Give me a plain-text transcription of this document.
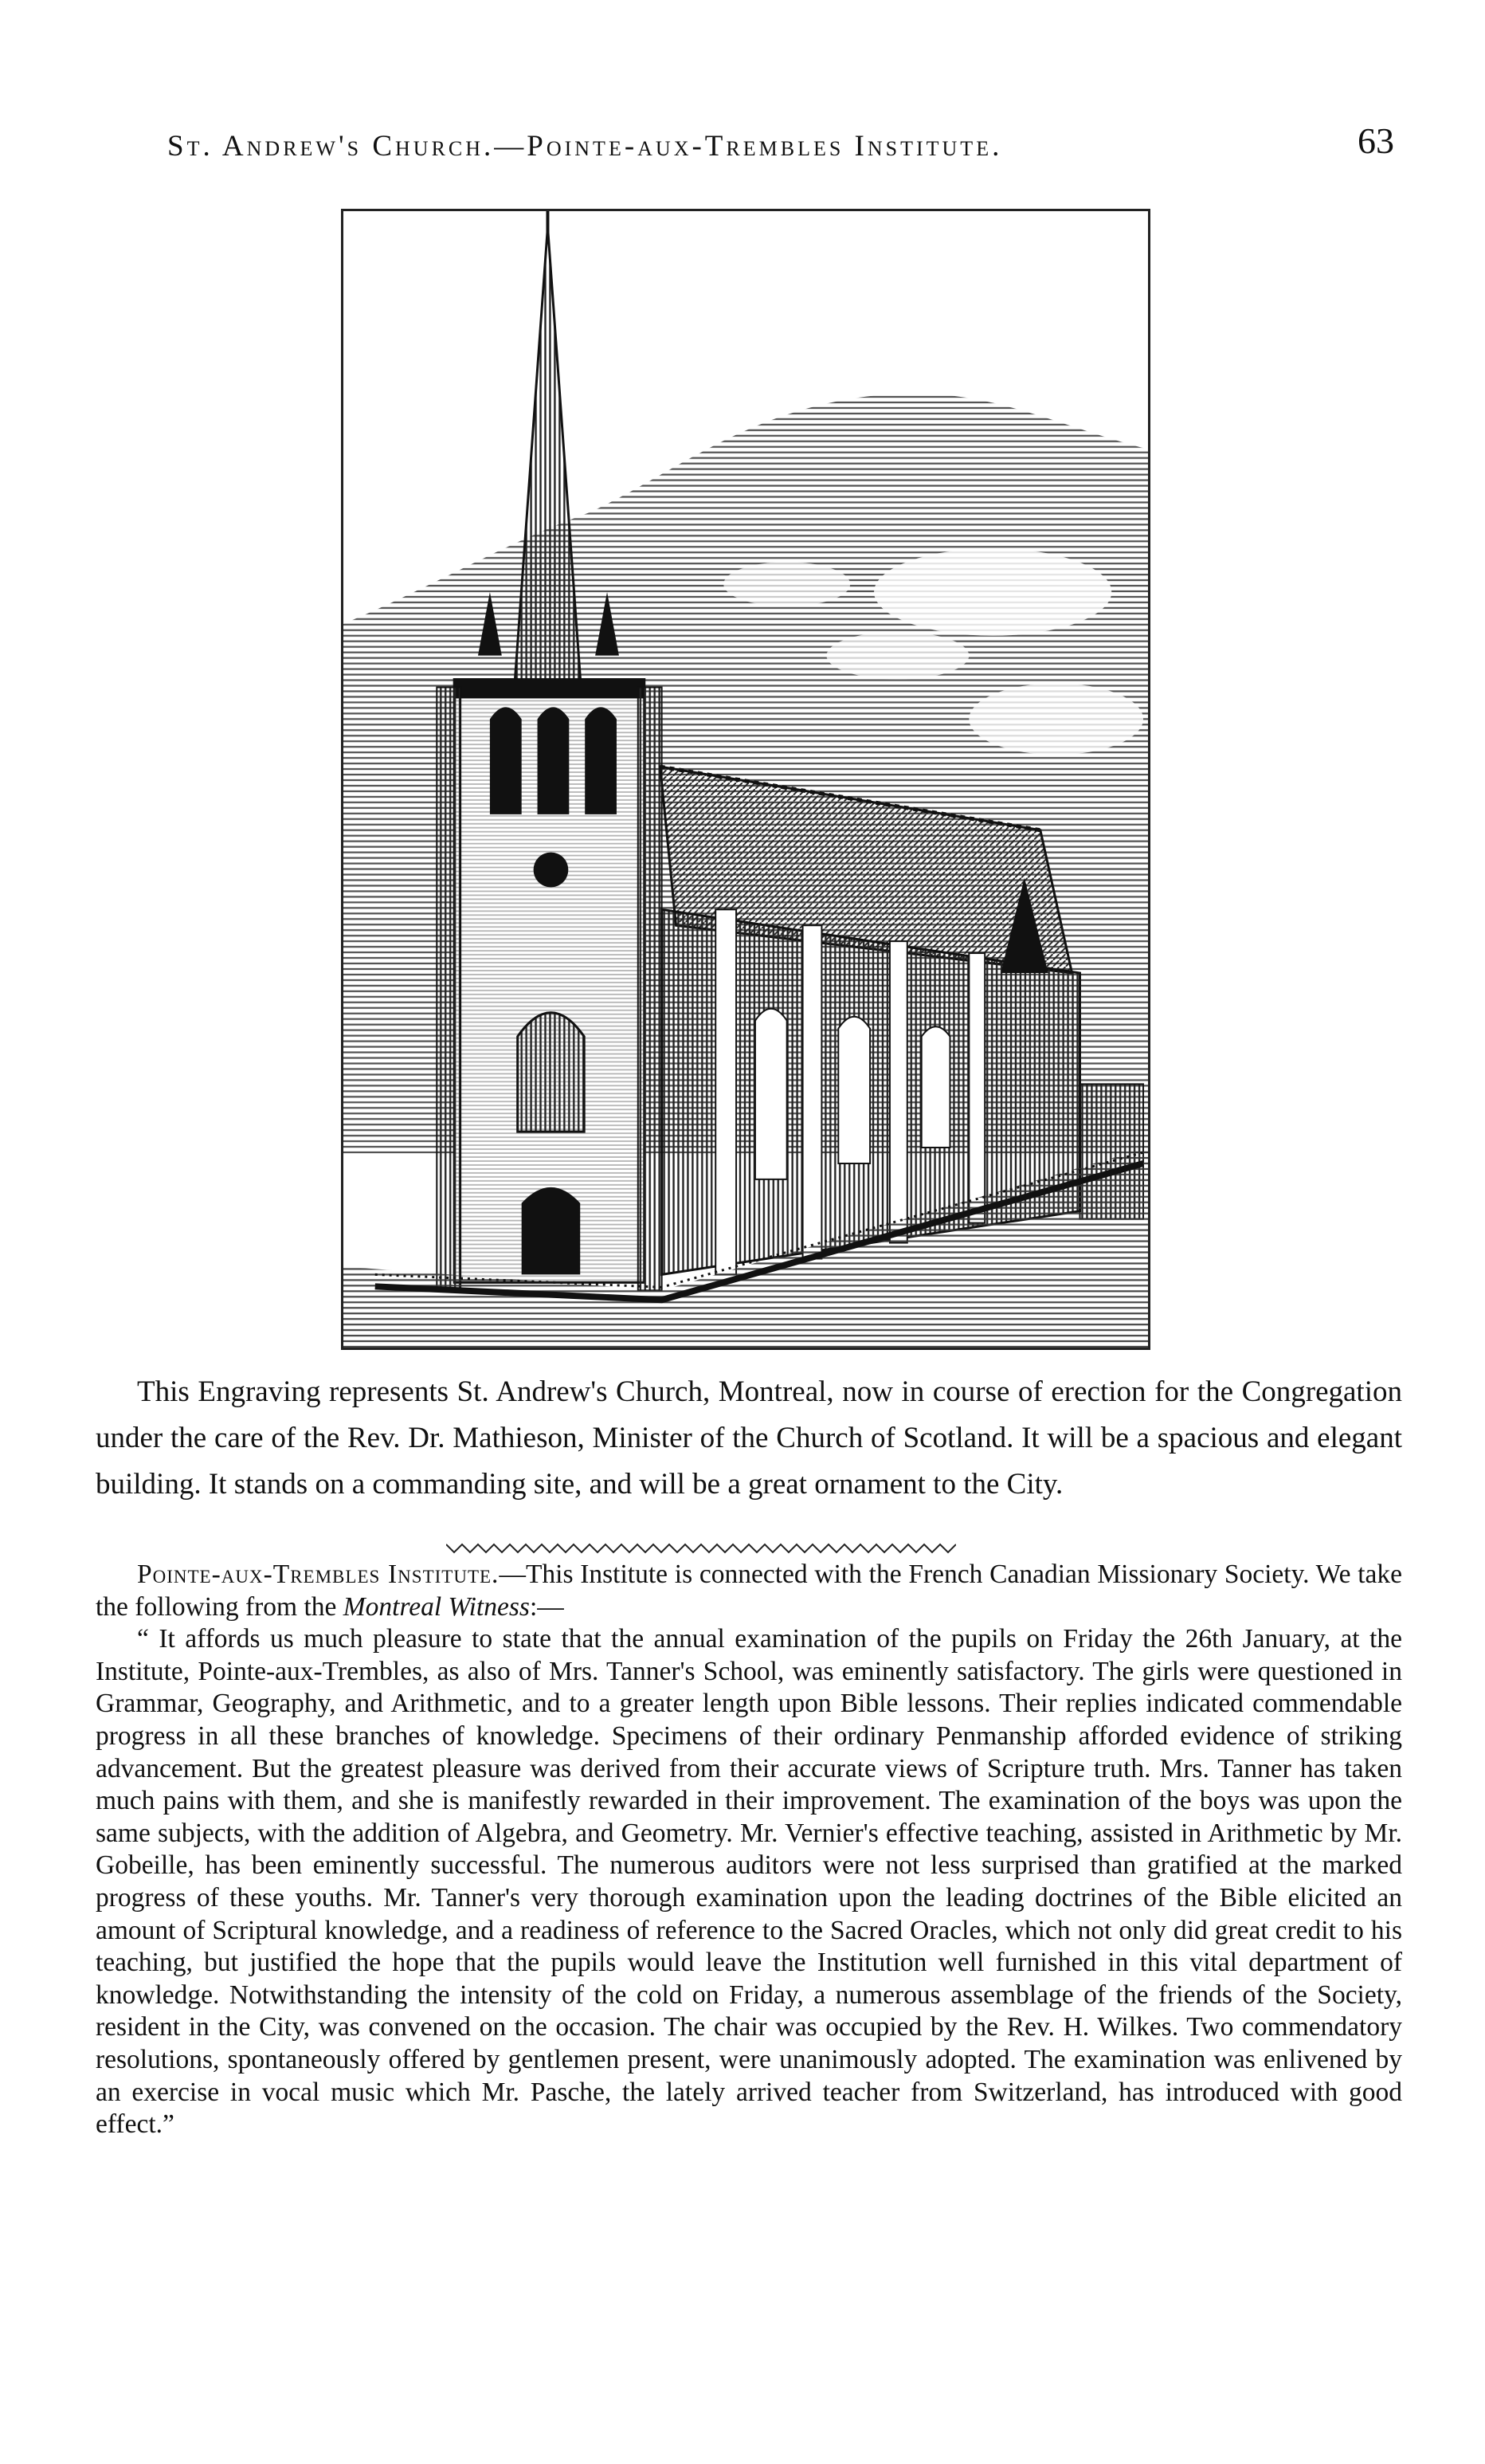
St. Andrew's Church.—Pointe-aux-Trembles Institute.	63

This Engraving represents St. Andrew's Church, Montreal, now in course of erection for the Congregation under the care of the Rev. Dr. Mathieson, Minister of the Church of Scotland. It will be a spacious and elegant building. It stands on a commanding site, and will be a great ornament to the City.

Pointe-aux-Trembles Institute.—This Institute is connected with the French Canadian Missionary Society. We take the following from the Montreal Witness:—

“ It affords us much pleasure to state that the annual examination of the pupils on Friday the 26th January, at the Institute, Pointe-aux-Trembles, as also of Mrs. Tanner's School, was eminently satisfactory. The girls were questioned in Grammar, Geography, and Arithmetic, and to a greater length upon Bible lessons. Their replies indicated commendable progress in all these branches of knowledge. Specimens of their ordinary Penmanship afforded evidence of striking advancement. But the greatest pleasure was derived from their accurate views of Scripture truth. Mrs. Tanner has taken much pains with them, and she is manifestly rewarded in their improvement. The examination of the boys was upon the same subjects, with the addition of Algebra, and Geometry. Mr. Vernier's effective teaching, assisted in Arithmetic by Mr. Gobeille, has been eminently successful. The numerous auditors were not less surprised than gratified at the marked progress of these youths. Mr. Tanner's very thorough examination upon the leading doctrines of the Bible elicited an amount of Scriptural knowledge, and a readiness of reference to the Sacred Oracles, which not only did great credit to his teaching, but justified the hope that the pupils would leave the Institution well furnished in this vital department of knowledge. Notwithstanding the intensity of the cold on Friday, a numerous assemblage of the friends of the Society, resident in the City, was convened on the occasion. The chair was occupied by the Rev. H. Wilkes. Two commendatory resolutions, spontaneously offered by gentlemen present, were unanimously adopted. The examination was enlivened by an exercise in vocal music which Mr. Pasche, the lately arrived teacher from Switzerland, has introduced with good effect.”
